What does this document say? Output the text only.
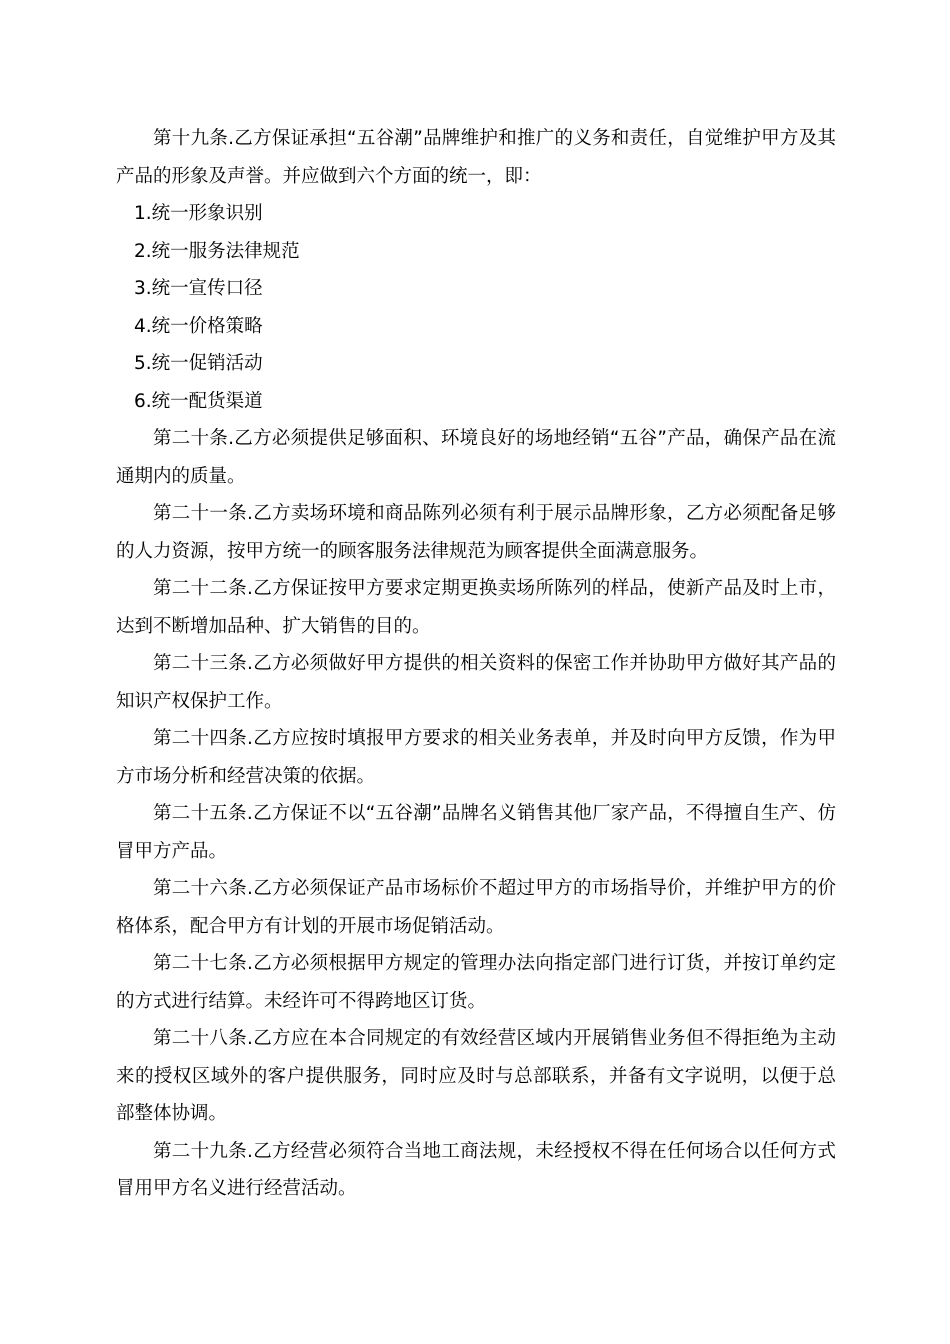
第十九条.乙方保证承担“五谷潮”品牌维护和推广的义务和责任，自觉维护甲方及其产品的形象及声誉。并应做到六个方面的统一，即：

1.统一形象识别

2.统一服务法律规范

3.统一宣传口径

4.统一价格策略

5.统一促销活动

6.统一配货渠道

第二十条.乙方必须提供足够面积、环境良好的场地经销“五谷”产品，确保产品在流通期内的质量。

第二十一条.乙方卖场环境和商品陈列必须有利于展示品牌形象，乙方必须配备足够的人力资源，按甲方统一的顾客服务法律规范为顾客提供全面满意服务。

第二十二条.乙方保证按甲方要求定期更换卖场所陈列的样品，使新产品及时上市，达到不断增加品种、扩大销售的目的。

第二十三条.乙方必须做好甲方提供的相关资料的保密工作并协助甲方做好其产品的知识产权保护工作。

第二十四条.乙方应按时填报甲方要求的相关业务表单，并及时向甲方反馈，作为甲方市场分析和经营决策的依据。

第二十五条.乙方保证不以“五谷潮”品牌名义销售其他厂家产品，不得擅自生产、仿冒甲方产品。

第二十六条.乙方必须保证产品市场标价不超过甲方的市场指导价，并维护甲方的价格体系，配合甲方有计划的开展市场促销活动。

第二十七条.乙方必须根据甲方规定的管理办法向指定部门进行订货，并按订单约定的方式进行结算。未经许可不得跨地区订货。

第二十八条.乙方应在本合同规定的有效经营区域内开展销售业务但不得拒绝为主动来的授权区域外的客户提供服务，同时应及时与总部联系，并备有文字说明，以便于总部整体协调。

第二十九条.乙方经营必须符合当地工商法规，未经授权不得在任何场合以任何方式冒用甲方名义进行经营活动。
